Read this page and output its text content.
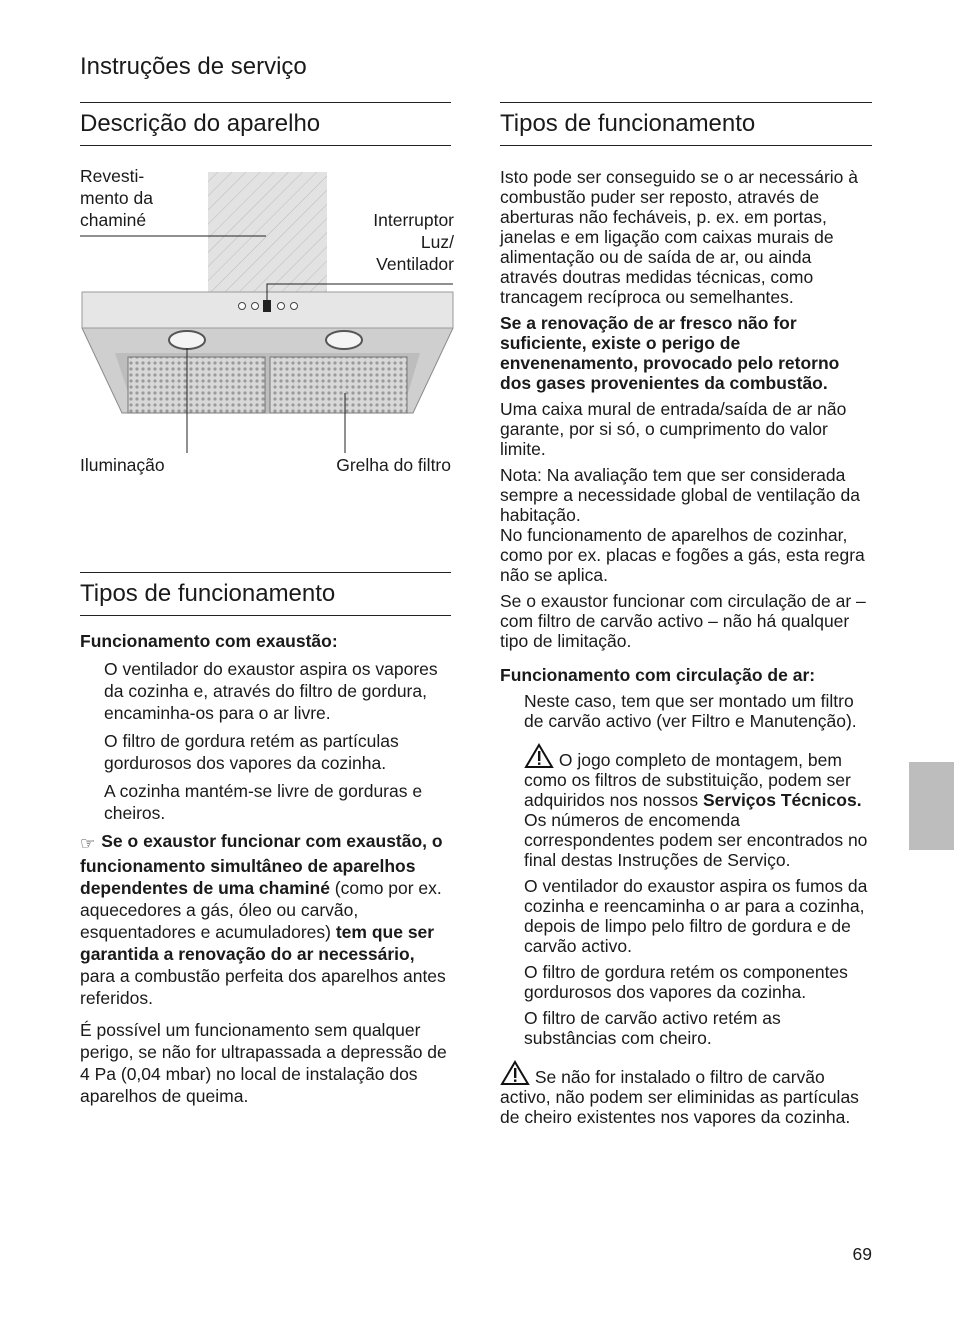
Instruções de serviço
Descrição do aparelho
Revesti-
mento da
chaminé	Interruptor
Luz/
Ventilador
Iluminação	Grelha do filtro
Tipos de funcionamento

Funcionamento com exaustão:

O ventilador do exaustor aspira os vapores da cozinha e, através do filtro de gordura, encaminha-os para o ar livre.

O filtro de gordura retém as partículas gordurosos dos vapores da cozinha.

A cozinha mantém-se livre de gorduras e cheiros.

☞ Se o exaustor funcionar com exaustão, o funcionamento simultâneo de aparelhos dependentes de uma chaminé (como por ex. aquecedores a gás, óleo ou carvão, esquentadores e acumuladores) tem que ser garantida a renovação do ar necessário, para a combustão perfeita dos aparelhos antes referidos.

É possível um funcionamento sem qualquer perigo, se não for ultrapassada a depressão de 4 Pa (0,04 mbar) no local de instalação dos aparelhos de queima.

Tipos de funcionamento

Isto pode ser conseguido se o ar necessário à combustão puder ser reposto, através de aberturas não fecháveis, p. ex. em portas, janelas e em ligação com caixas murais de alimentação ou de saída de ar, ou ainda através doutras medidas técnicas, como trancagem recíproca ou semelhantes.

Se a renovação de ar fresco não for suficiente, existe o perigo de envenenamento, provocado pelo retorno dos gases provenientes da combustão.

Uma caixa mural de entrada/saída de ar não garante, por si só, o cumprimento do valor limite.

Nota: Na avaliação tem que ser considerada sempre a necessidade global de ventilação da habitação.

No funcionamento de aparelhos de cozinhar, como por ex. placas e fogões a gás, esta regra não se aplica.

Se o exaustor funcionar com circulação de ar – com filtro de carvão activo – não há qualquer tipo de limitação.

Funcionamento com circulação de ar:

Neste caso, tem que ser montado um filtro de carvão activo (ver Filtro e Manutenção).

O jogo completo de montagem, bem como os filtros de substituição, podem ser adquiridos nos nossos Serviços Técnicos.

Os números de encomenda correspondentes podem ser encontrados no final destas Instruções de Serviço.

O ventilador do exaustor aspira os fumos da cozinha e reencaminha o ar para a cozinha, depois de limpo pelo filtro de gordura e de carvão activo.

O filtro de gordura retém os componentes gordurosos dos vapores da cozinha.

O filtro de carvão activo retém as substâncias com cheiro.

Se não for instalado o filtro de carvão activo, não podem ser eliminidas as partículas de cheiro existentes nos vapores da cozinha.

69
